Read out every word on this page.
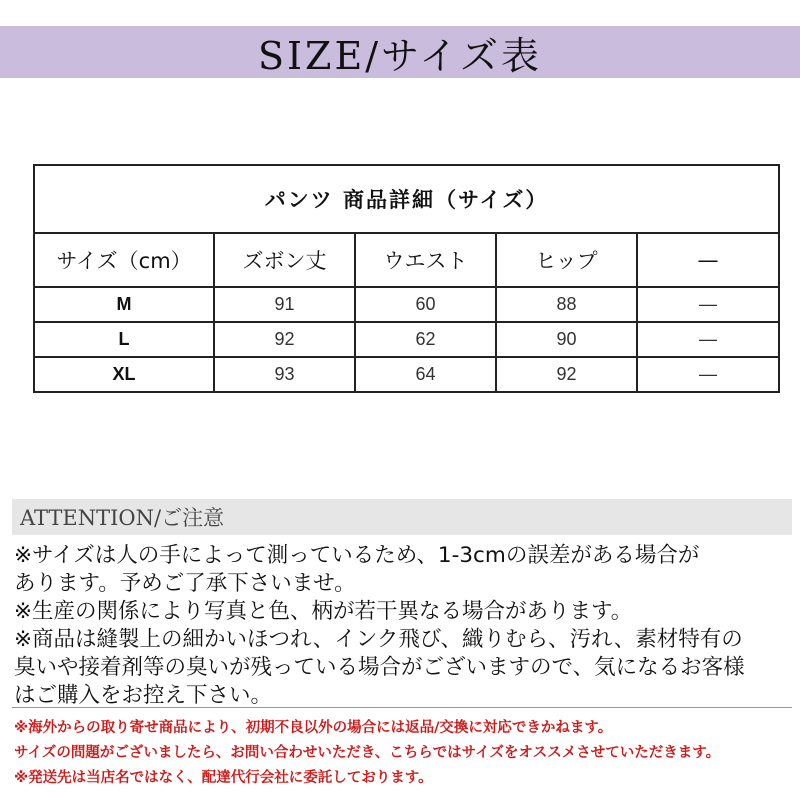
SIZE/サイズ表
パンツ 商品詳細（サイズ）				
サイズ（cm）	ズボン丈	ウエスト	ヒップ	—
M	91	60	88	—
L	92	62	90	—
XL	93	64	92	—
ATTENTION/ご注意
※サイズは人の手によって測っているため、1-3cmの誤差がある場合が
あります。予めご了承下さいませ。
※生産の関係により写真と色、柄が若干異なる場合があります。
※商品は縫製上の細かいほつれ、インク飛び、織りむら、汚れ、素材特有の
臭いや接着剤等の臭いが残っている場合がございますので、気になるお客様
はご購入をお控え下さい。
※海外からの取り寄せ商品により、初期不良以外の場合には返品/交換に対応できかねます。
サイズの問題がございましたら、お問い合わせいただき、こちらではサイズをオススメさせていただきます。
※発送先は当店名ではなく、配達代行会社に委託しております。
